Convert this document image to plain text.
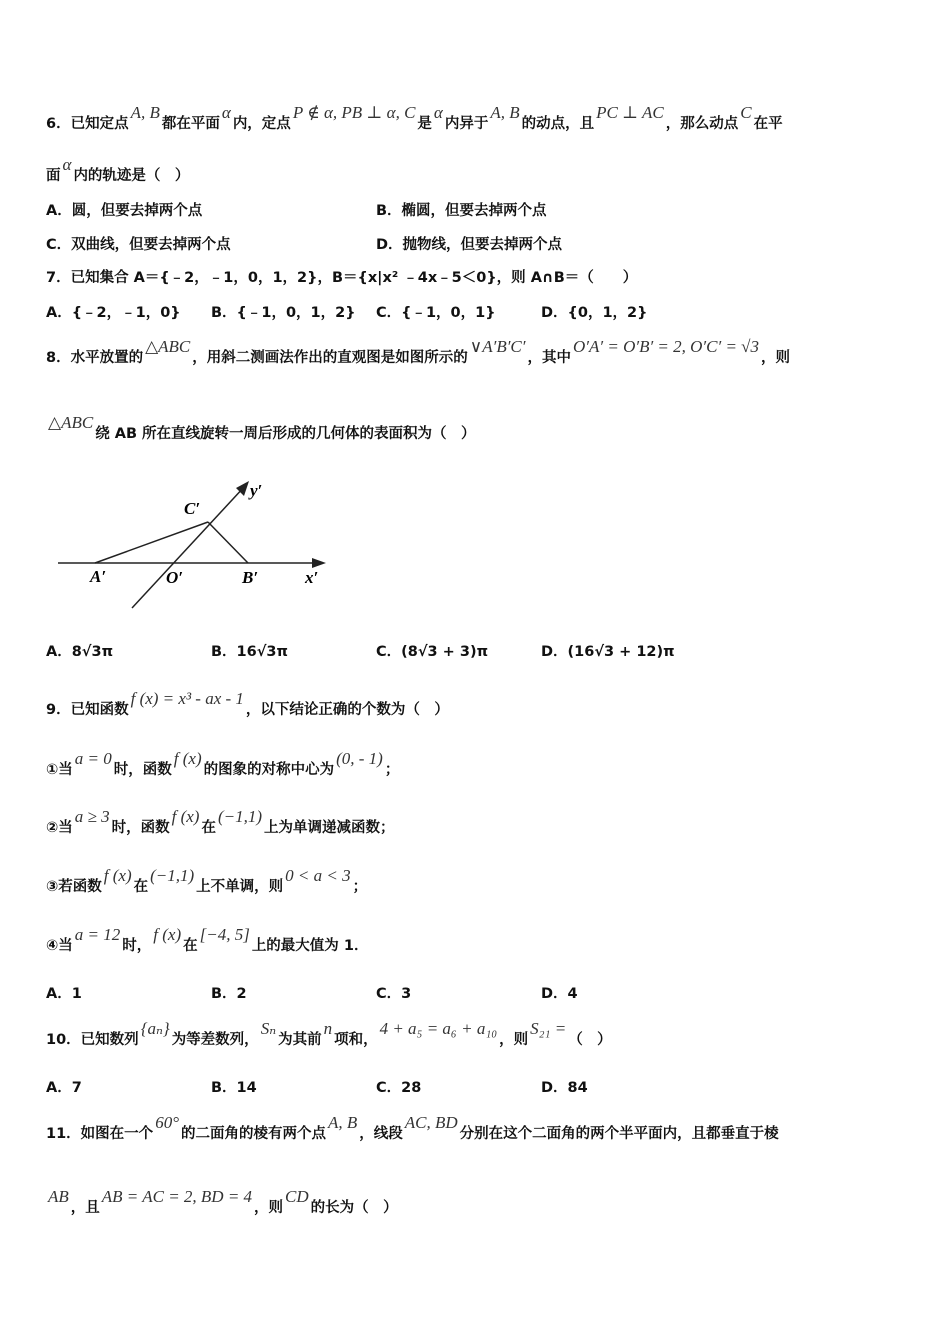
C′
y′
A′	O′	B′	x′
6．已知定点A, B都在平面α内，定点P ∉ α, PB ⊥ α, C是α内异于A, B的动点，且PC ⊥ AC，那么动点C在平
面α内的轨迹是（　）
7．已知集合 A＝{﹣2，﹣1，0，1，2}，B＝{x|x² ﹣4x﹣5＜0}，则 A∩B＝（　　）
8．水平放置的△ABC，用斜二测画法作出的直观图是如图所示的∨A′B′C′，其中O′A′ = O′B′ = 2, O′C′ = √3，则
△ABC绕 AB 所在直线旋转一周后形成的几何体的表面积为（　）
9．已知函数f (x) = x³ - ax - 1，以下结论正确的个数为（　）
①当a = 0时，函数f (x)的图象的对称中心为(0, - 1)；
②当a ≥ 3时，函数f (x)在(−1,1)上为单调递减函数；
③若函数f (x)在(−1,1)上不单调，则0 < a < 3；
④当a = 12时，f (x)在[−4, 5]上的最大值为 1．
10．已知数列{aₙ}为等差数列，Sₙ为其前n项和，4 + a₅ = a₆ + a₁₀，则S₂₁ =（　）
11．如图在一个60°的二面角的棱有两个点A, B，线段AC, BD分别在这个二面角的两个半平面内，且都垂直于棱
AB，且AB = AC = 2, BD = 4，则CD的长为（　）
A．圆，但要去掉两个点	B．椭圆，但要去掉两个点
C．双曲线，但要去掉两个点	D．抛物线，但要去掉两个点
A．{﹣2，﹣1，0} B．{﹣1，0，1，2} C．{﹣1，0，1}	D．{0，1，2}
A．8√3π	B．16√3π	C．(8√3 + 3)π	D．(16√3 + 12)π
A．1	B．2	C．3	D．4
A．7	B．14	C．28	D．84
